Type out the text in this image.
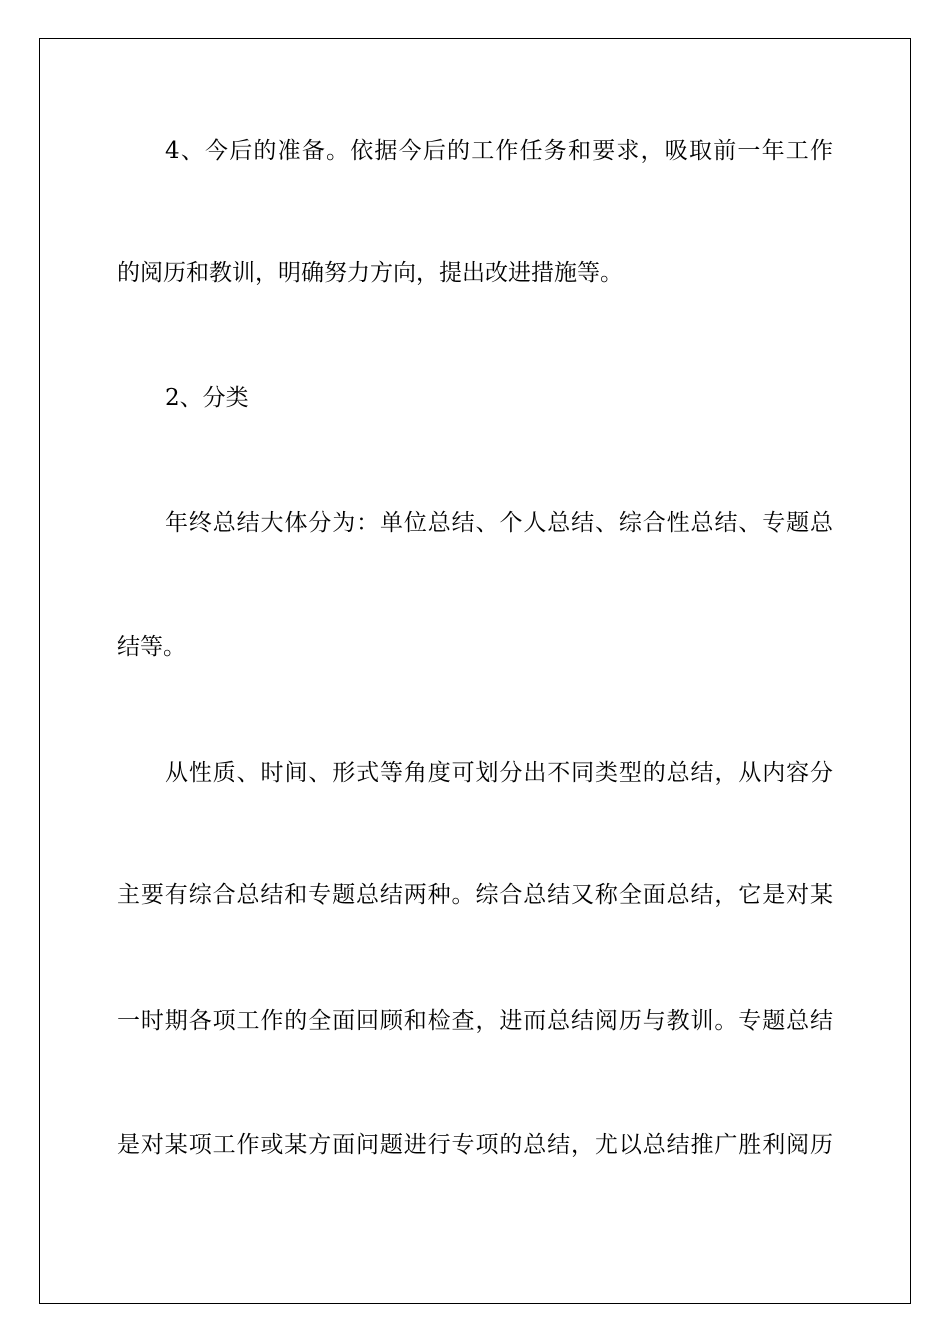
4、今后的准备。依据今后的工作任务和要求，吸取前一年工作
的阅历和教训，明确努力方向，提出改进措施等。
2、分类
年终总结大体分为：单位总结、个人总结、综合性总结、专题总
结等。
从性质、时间、形式等角度可划分出不同类型的总结，从内容分
主要有综合总结和专题总结两种。综合总结又称全面总结，它是对某
一时期各项工作的全面回顾和检查，进而总结阅历与教训。专题总结
是对某项工作或某方面问题进行专项的总结，尤以总结推广胜利阅历
